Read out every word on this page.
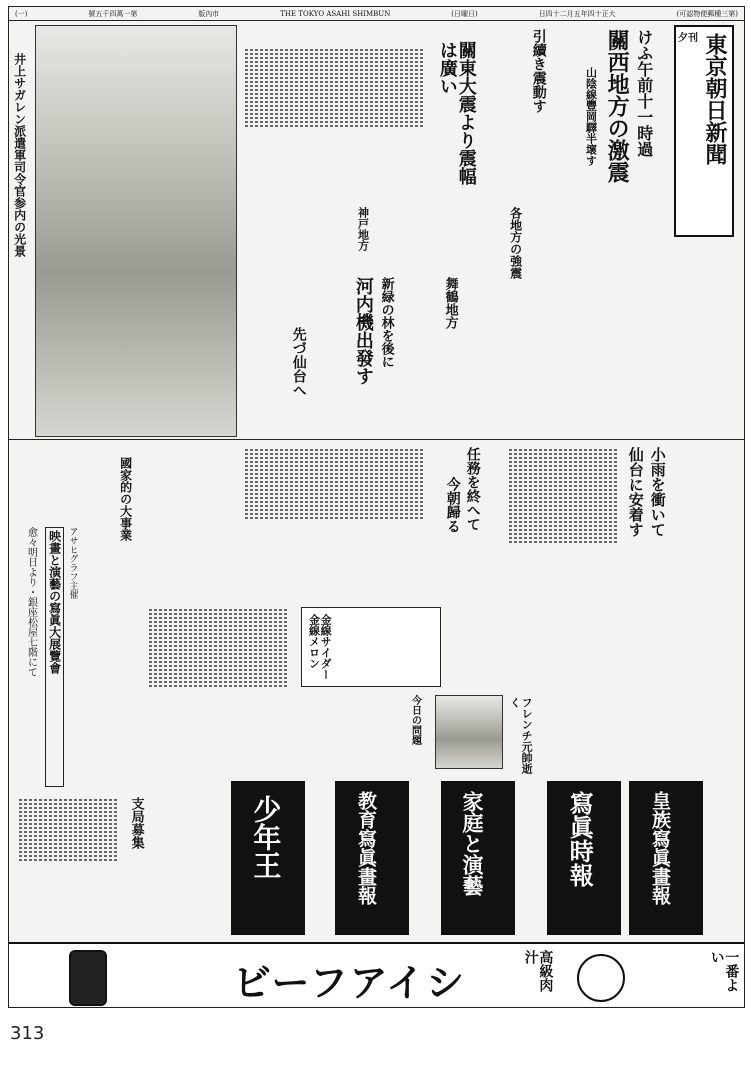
(一)	號五千四萬一第	版內市	THE TOKYO ASAHI SHIMBUN	(日曜日)	日四十二月五年四十正大	(可認物便郵種三第)
東京朝日新聞
夕刊
井上サガレン派遣軍司令官参内の光景	けふ午前十一時過
關西地方の激震
山陰線豐岡驛半壞す
引續き震動す
各地方の強震
關東大震より震幅は廣い
舞鶴地方
河内機出發す 新緑の林を後に
先づ仙台へ
神戸地方
小雨を衝いて
仙台に安着す
任務を終へて
今朝歸る
國家的の大事業
映畫と演藝の寫眞大展覽會
愈々明日より・銀座松屋七階にて	アサヒグラフ主催
金線サイダー 金線メロン
フレンチ元帥逝く
今日の問題
支局募集	少年王	教育寫眞畫報	家庭と演藝	寫眞時報	皇族寫眞畫報
ビーフアイシ	高級肉汁	一番よい
313
